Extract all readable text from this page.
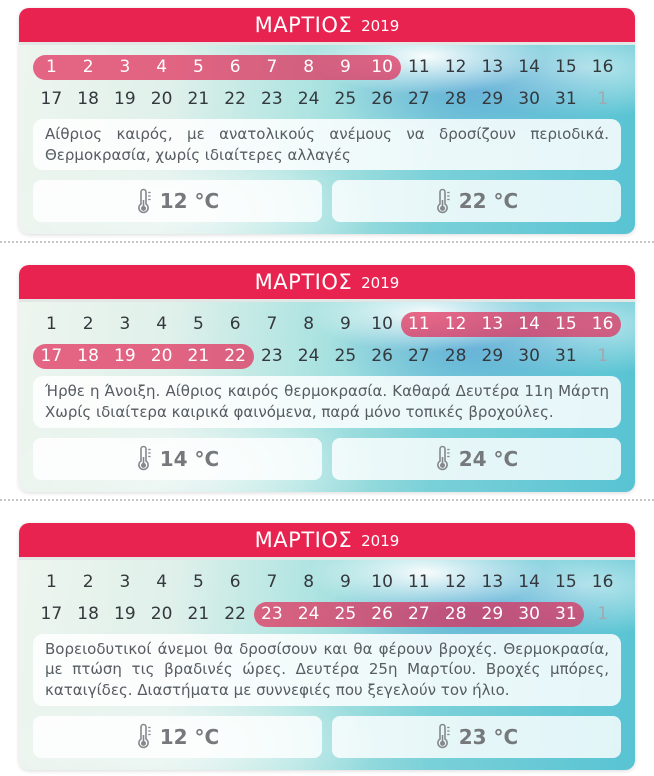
ΜΑΡΤΙΟΣ 2019
1	2	3	4	5	6	7	8	9	10 11 12 13 14 15 16
17 18 19 20 21 22 23 24 25 26 27 28 29 30 31	1

Αίθριος καιρός, με ανατολικούς ανέμους να δροσίζουν περιοδικά. Θερμοκρασία, χωρίς ιδιαίτερες αλλαγές

12 °C	22 °C
ΜΑΡΤΙΟΣ 2019
1	2	3	4	5	6	7	8	9	10 11 12 13 14 15 16
17 18 19 20 21 22 23 24 25 26 27 28 29 30 31	1

Ήρθε η Άνοιξη. Αίθριος καιρός θερμοκρασία. Καθαρά Δευτέρα 11η Μάρτη Χωρίς ιδιαίτερα καιρικά φαινόμενα, παρά μόνο τοπικές βροχούλες.

14 °C	24 °C
ΜΑΡΤΙΟΣ 2019
1	2	3	4	5	6	7	8	9	10 11 12 13 14 15 16
17 18 19 20 21 22 23 24 25 26 27 28 29 30 31	1

Βορειοδυτικοί άνεμοι θα δροσίσουν και θα φέρουν βροχές. Θερμοκρασία, με πτώση τις βραδινές ώρες. Δευτέρα 25η Μαρτίου. Βροχές μπόρες, καταιγίδες. Διαστήματα με συννεφιές που ξεγελούν τον ήλιο.

12 °C	23 °C
